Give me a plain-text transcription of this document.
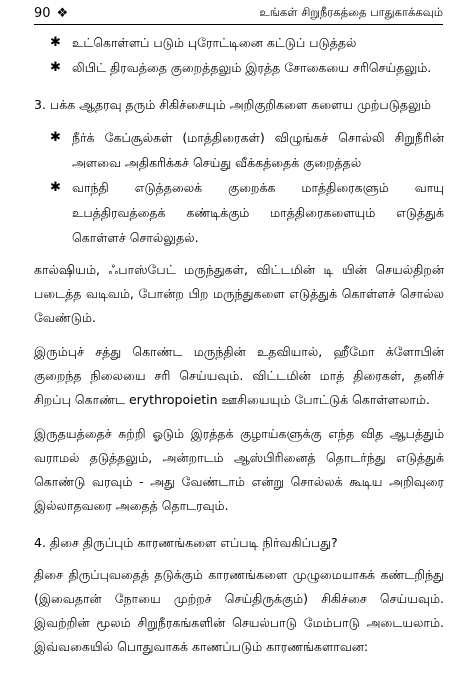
90 ❖	உங்கள் சிறுநீரகத்தை பாதுகாக்கவும்
✱ உட்கொள்ளப் படும் புரோட்டினை கட்டுப் படுத்தல்
✱ லிபிட் திரவத்தை குறைத்தலும் இரத்த சோகையை சரிசெய்தலும்.
3. பக்க ஆதரவு தரும் சிகிச்சையும் அறிகுறிகளை களைய முற்படுதலும்
✱ நீர்க் கேப்சூல்கள் (மாத்திரைகள்) விழுங்கச் சொல்லி சிறுநீரின் அளவை அதிகரிக்கச் செய்து வீக்கத்தைக் குறைத்தல்
✱ வாந்தி எடுத்தலைக் குறைக்க மாத்திரைகளும் வாயு உபத்திரவத்தைக் கண்டிக்கும் மாத்திரைகளையும் எடுத்துக் கொள்ளச் சொல்லுதல்.

கால்ஷியம், ஃபாஸ்பேட் மருந்துகள், விட்டமின் டி யின் செயல்திறன் படைத்த வடிவம், போன்ற பிற மருந்துகளை எடுத்துக் கொள்ளச் சொல்ல வேண்டும்.

இரும்புச் சத்து கொண்ட மருந்தின் உதவியால், ஹீமோ க்ளோபின் குறைந்த நிலையை சரி செய்யவும். விட்டமின் மாத் திரைகள், தனிச் சிறப்பு கொண்ட erythropoietin ஊசியையும் போட்டுக் கொள்ளலாம்.

இருதயத்தைச் சுற்றி ஓடும் இரத்தக் குழாய்களுக்கு எந்த வித ஆபத்தும் வராமல் தடுத்தலும், அன்றாடம் ஆஸ்பிரினைத் தொடர்ந்து எடுத்துக் கொண்டு வரவும் - அது வேண்டாம் என்று சொல்லக் கூடிய அறிவுரை இல்லாதவரை அதைத் தொடரவும்.

4. திசை திருப்பும் காரணங்களை எப்படி நிர்வகிப்பது?

திசை திருப்புவதைத் தடுக்கும் காரணங்களை முழுமையாகக் கண்டறிந்து (இவைதான் நோயை முற்றச் செய்திருக்கும்) சிகிச்சை செய்யவும். இவற்றின் மூலம் சிறுநீரகங்களின் செயல்பாடு மேம்பாடு அடையலாம். இவ்வகையில் பொதுவாகக் காணப்படும் காரணங்களாவன:
